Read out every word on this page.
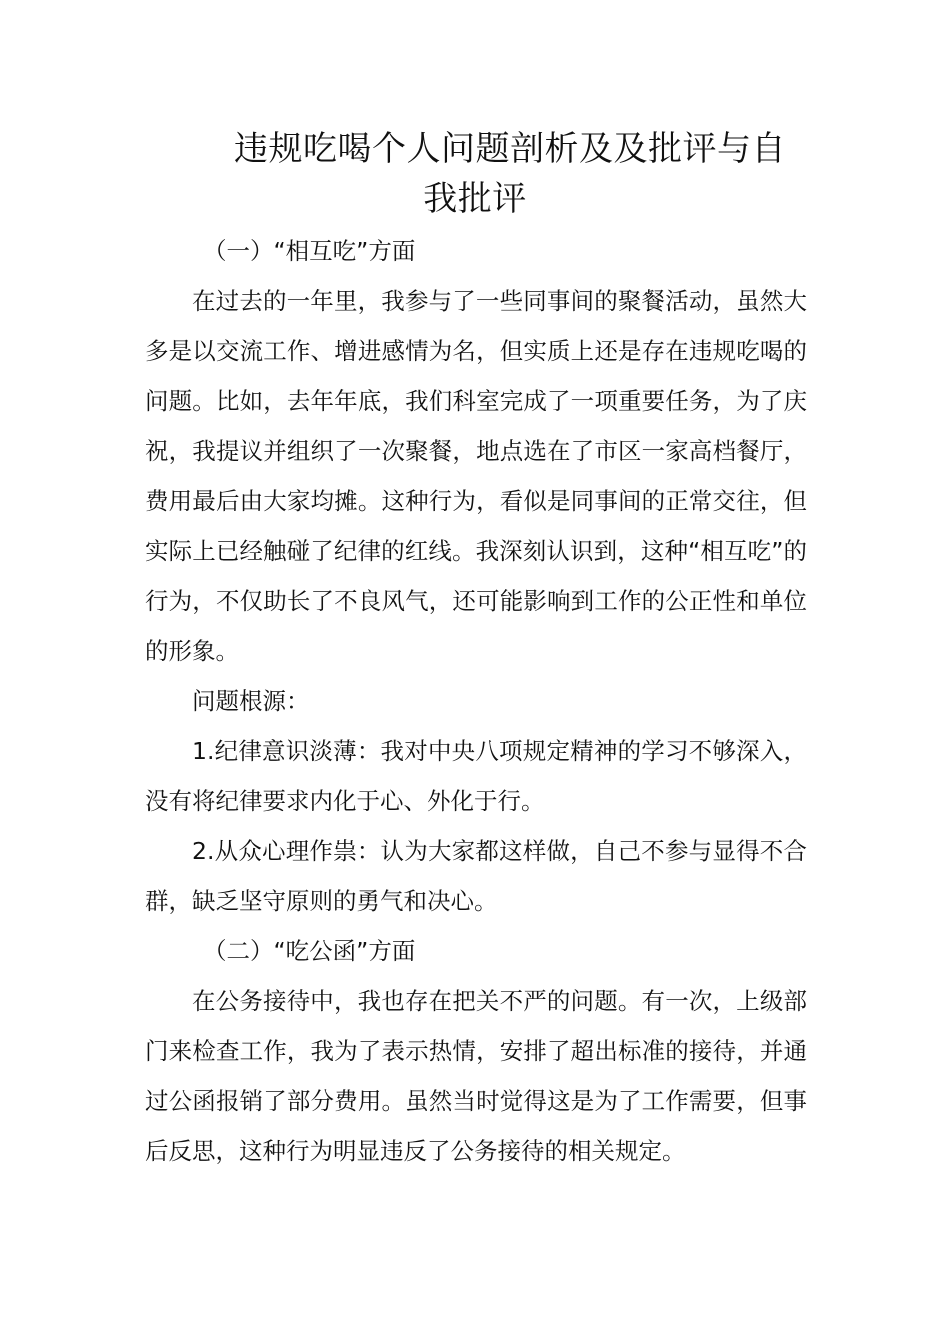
违规吃喝个人问题剖析及及批评与自
我批评

（一）“相互吃”方面

在过去的一年里，我参与了一些同事间的聚餐活动，虽然大多是以交流工作、增进感情为名，但实质上还是存在违规吃喝的问题。比如，去年年底，我们科室完成了一项重要任务，为了庆祝，我提议并组织了一次聚餐，地点选在了市区一家高档餐厅，费用最后由大家均摊。这种行为，看似是同事间的正常交往，但实际上已经触碰了纪律的红线。我深刻认识到，这种“相互吃”的行为，不仅助长了不良风气，还可能影响到工作的公正性和单位的形象。

问题根源：

1.纪律意识淡薄：我对中央八项规定精神的学习不够深入，没有将纪律要求内化于心、外化于行。

2.从众心理作祟：认为大家都这样做，自己不参与显得不合群，缺乏坚守原则的勇气和决心。

（二）“吃公函”方面

在公务接待中，我也存在把关不严的问题。有一次，上级部门来检查工作，我为了表示热情，安排了超出标准的接待，并通过公函报销了部分费用。虽然当时觉得这是为了工作需要，但事后反思，这种行为明显违反了公务接待的相关规定。
